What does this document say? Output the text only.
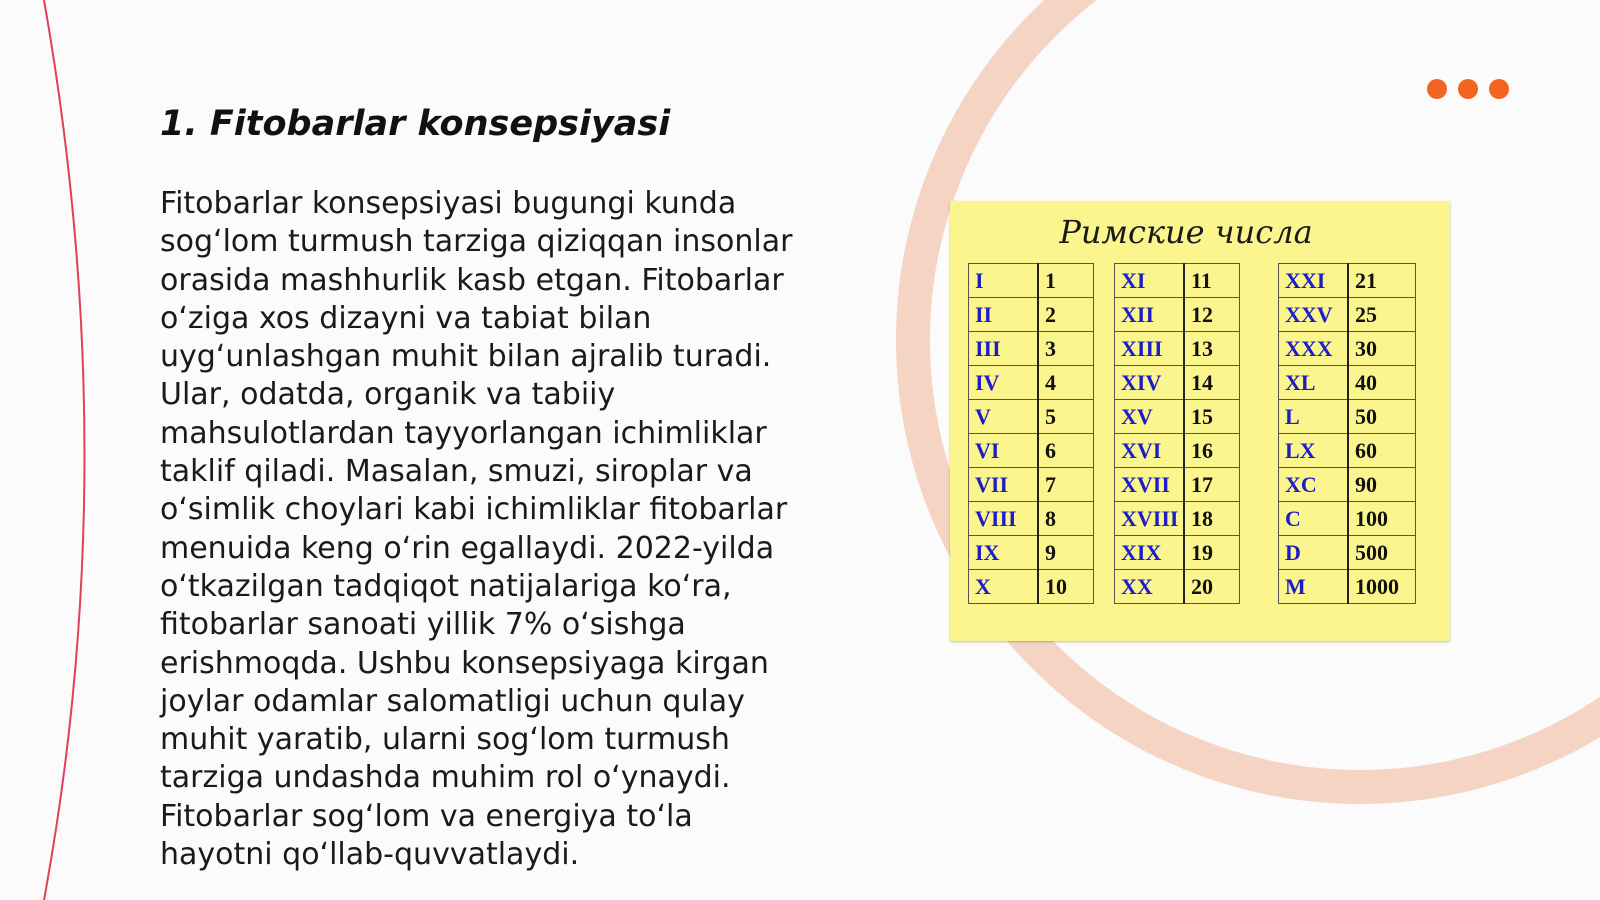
1. Fitobarlar konsepsiyasi

Fitobarlar konsepsiyasi bugungi kunda sogʻlom turmush tarziga qiziqqan insonlar orasida mashhurlik kasb etgan. Fitobarlar oʻziga xos dizayni va tabiat bilan uygʻunlashgan muhit bilan ajralib turadi. Ular, odatda, organik va tabiiy mahsulotlardan tayyorlangan ichimliklar taklif qiladi. Masalan, smuzi, siroplar va oʻsimlik choylari kabi ichimliklar fitobarlar menuida keng oʻrin egallaydi. 2022-yilda oʻtkazilgan tadqiqot natijalariga koʻra, fitobarlar sanoati yillik 7% oʻsishga erishmoqda. Ushbu konsepsiyaga kirgan joylar odamlar salomatligi uchun qulay muhit yaratib, ularni sogʻlom turmush tarziga undashda muhim rol oʻynaydi. Fitobarlar sogʻlom va energiya toʻla hayotni qoʻllab-quvvatlaydi.

Римские числа
I	1
II	2
III	3
IV	4
V	5
VI	6
VII	7
VIII	8
IX	9
X	10
XI	11
XII	12
XIII	13
XIV	14
XV	15
XVI	16
XVII	17
XVIII	18
XIX	19
XX	20
XXI	21
XXV	25
XXX	30
XL	40
L	50
LX	60
XC	90
C	100
D	500
M	1000
